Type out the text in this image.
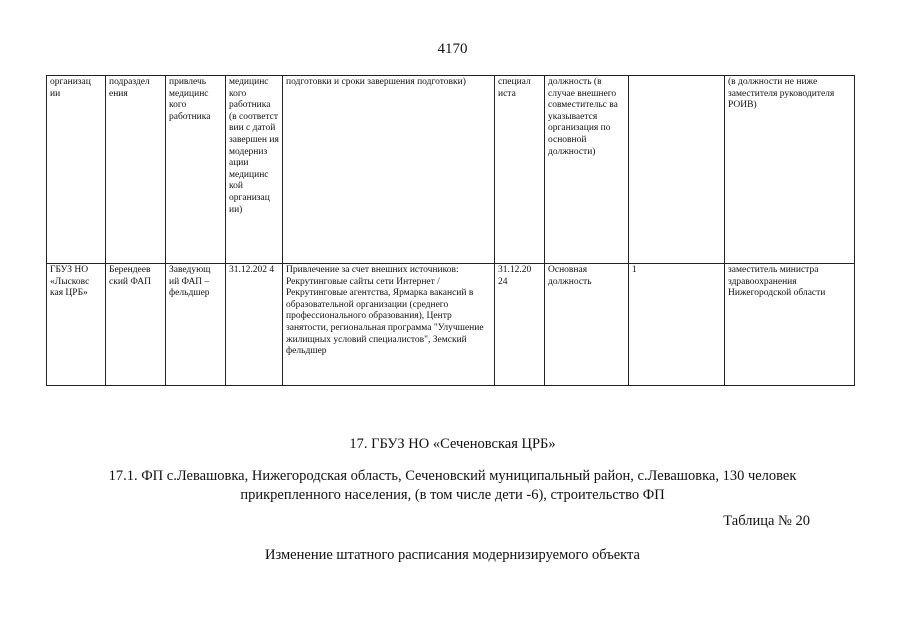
4170
организац ии	подраздел ения	привлечь медицинс кого работника	медицинс кого работника (в соответст вии с датой завершен ия модерниз ации медицинс кой организац ии)	подготовки и сроки завершения подготовки)	специал иста	должность (в случае внешнего совместительс ва указывается организация по основной должности)		(в должности не ниже заместителя руководителя РОИВ)
ГБУЗ НО «Лысковс кая ЦРБ»	Берендеев ский ФАП	Заведующ ий ФАП – фельдшер	31.12.202 4	Привлечение за счет внешних источников: Рекрутинговые сайты сети Интернет / Рекрутинговые агентства, Ярмарка вакансий в образовательной организации (среднего профессионального образования), Центр занятости, региональная программа "Улучшение жилищных условий специалистов", Земский фельдшер	31.12.20 24	Основная должность	1	заместитель министра здравоохранения Нижегородской области
17. ГБУЗ НО «Сеченовская ЦРБ»
17.1. ФП с.Левашовка, Нижегородская область, Сеченовский муниципальный район, с.Левашовка, 130 человек прикрепленного населения, (в том числе дети -6), строительство ФП
Таблица № 20
Изменение штатного расписания модернизируемого объекта
